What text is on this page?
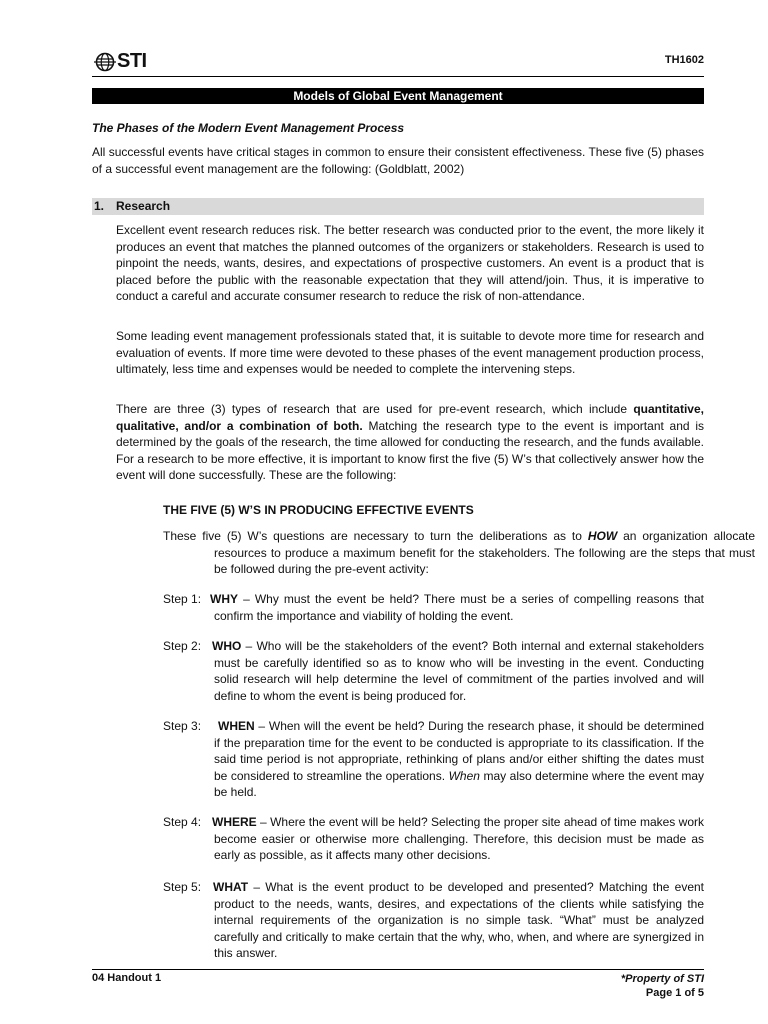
STI	TH1602
Models of Global Event Management
The Phases of the Modern Event Management Process
All successful events have critical stages in common to ensure their consistent effectiveness. These five (5) phases of a successful event management are the following: (Goldblatt, 2002)
1. Research
Excellent event research reduces risk. The better research was conducted prior to the event, the more likely it produces an event that matches the planned outcomes of the organizers or stakeholders. Research is used to pinpoint the needs, wants, desires, and expectations of prospective customers. An event is a product that is placed before the public with the reasonable expectation that they will attend/join. Thus, it is imperative to conduct a careful and accurate consumer research to reduce the risk of non-attendance.
Some leading event management professionals stated that, it is suitable to devote more time for research and evaluation of events. If more time were devoted to these phases of the event management production process, ultimately, less time and expenses would be needed to complete the intervening steps.
There are three (3) types of research that are used for pre-event research, which include quantitative, qualitative, and/or a combination of both. Matching the research type to the event is important and is determined by the goals of the research, the time allowed for conducting the research, and the funds available. For a research to be more effective, it is important to know first the five (5) W’s that collectively answer how the event will done successfully. These are the following:
THE FIVE (5) W’S IN PRODUCING EFFECTIVE EVENTS
These five (5) W’s questions are necessary to turn the deliberations as to HOW an organization allocate resources to produce a maximum benefit for the stakeholders. The following are the steps that must be followed during the pre-event activity:
Step 1: WHY – Why must the event be held? There must be a series of compelling reasons that confirm the importance and viability of holding the event.
Step 2: WHO – Who will be the stakeholders of the event? Both internal and external stakeholders must be carefully identified so as to know who will be investing in the event. Conducting solid research will help determine the level of commitment of the parties involved and will define to whom the event is being produced for.
Step 3:	WHEN – When will the event be held? During the research phase, it should be determined if the preparation time for the event to be conducted is appropriate to its classification. If the said time period is not appropriate, rethinking of plans and/or either shifting the dates must be considered to streamline the operations. When may also determine where the event may be held.
Step 4: WHERE – Where the event will be held? Selecting the proper site ahead of time makes work become easier or otherwise more challenging. Therefore, this decision must be made as early as possible, as it affects many other decisions.
Step 5: WHAT – What is the event product to be developed and presented? Matching the event product to the needs, wants, desires, and expectations of the clients while satisfying the internal requirements of the organization is no simple task. “What” must be analyzed carefully and critically to make certain that the why, who, when, and where are synergized in this answer.
04 Handout 1	*Property of STI
Page 1 of 5
